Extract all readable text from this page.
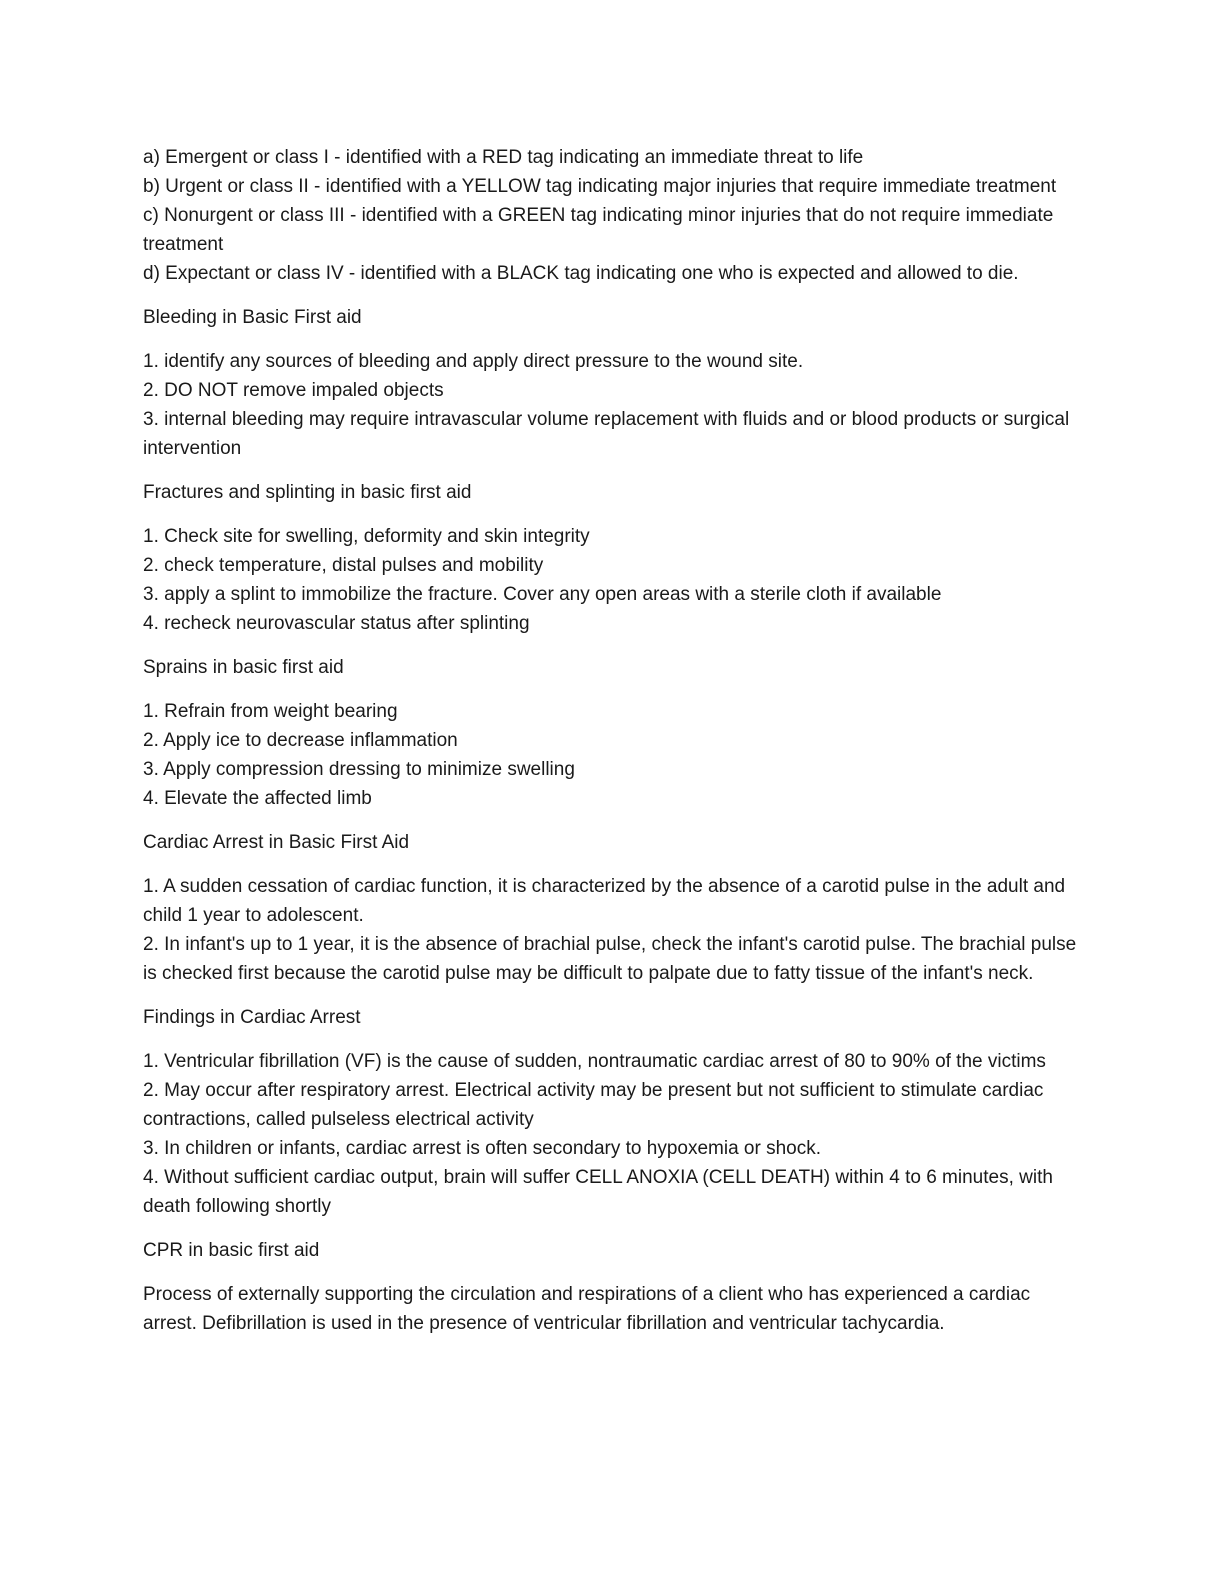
a) Emergent or class I - identified with a RED tag indicating an immediate threat to life
b) Urgent or class II - identified with a YELLOW tag indicating major injuries that require immediate treatment
c) Nonurgent or class III - identified with a GREEN tag indicating minor injuries that do not require immediate treatment
d) Expectant or class IV - identified with a BLACK tag indicating one who is expected and allowed to die.
Bleeding in Basic First aid
1. identify any sources of bleeding and apply direct pressure to the wound site.
2. DO NOT remove impaled objects
3. internal bleeding may require intravascular volume replacement with fluids and or blood products or surgical intervention
Fractures and splinting in basic first aid
1. Check site for swelling, deformity and skin integrity
2. check temperature, distal pulses and mobility
3. apply a splint to immobilize the fracture. Cover any open areas with a sterile cloth if available
4. recheck neurovascular status after splinting
Sprains in basic first aid
1. Refrain from weight bearing
2. Apply ice to decrease inflammation
3. Apply compression dressing to minimize swelling
4. Elevate the affected limb
Cardiac Arrest in Basic First Aid
1. A sudden cessation of cardiac function, it is characterized by the absence of a carotid pulse in the adult and child 1 year to adolescent.
2. In infant's up to 1 year, it is the absence of brachial pulse, check the infant's carotid pulse. The brachial pulse is checked first because the carotid pulse may be difficult to palpate due to fatty tissue of the infant's neck.
Findings in Cardiac Arrest
1. Ventricular fibrillation (VF) is the cause of sudden, nontraumatic cardiac arrest of 80 to 90% of the victims
2. May occur after respiratory arrest. Electrical activity may be present but not sufficient to stimulate cardiac contractions, called pulseless electrical activity
3. In children or infants, cardiac arrest is often secondary to hypoxemia or shock.
4. Without sufficient cardiac output, brain will suffer CELL ANOXIA (CELL DEATH) within 4 to 6 minutes, with death following shortly
CPR in basic first aid
Process of externally supporting the circulation and respirations of a client who has experienced a cardiac arrest. Defibrillation is used in the presence of ventricular fibrillation and ventricular tachycardia.
